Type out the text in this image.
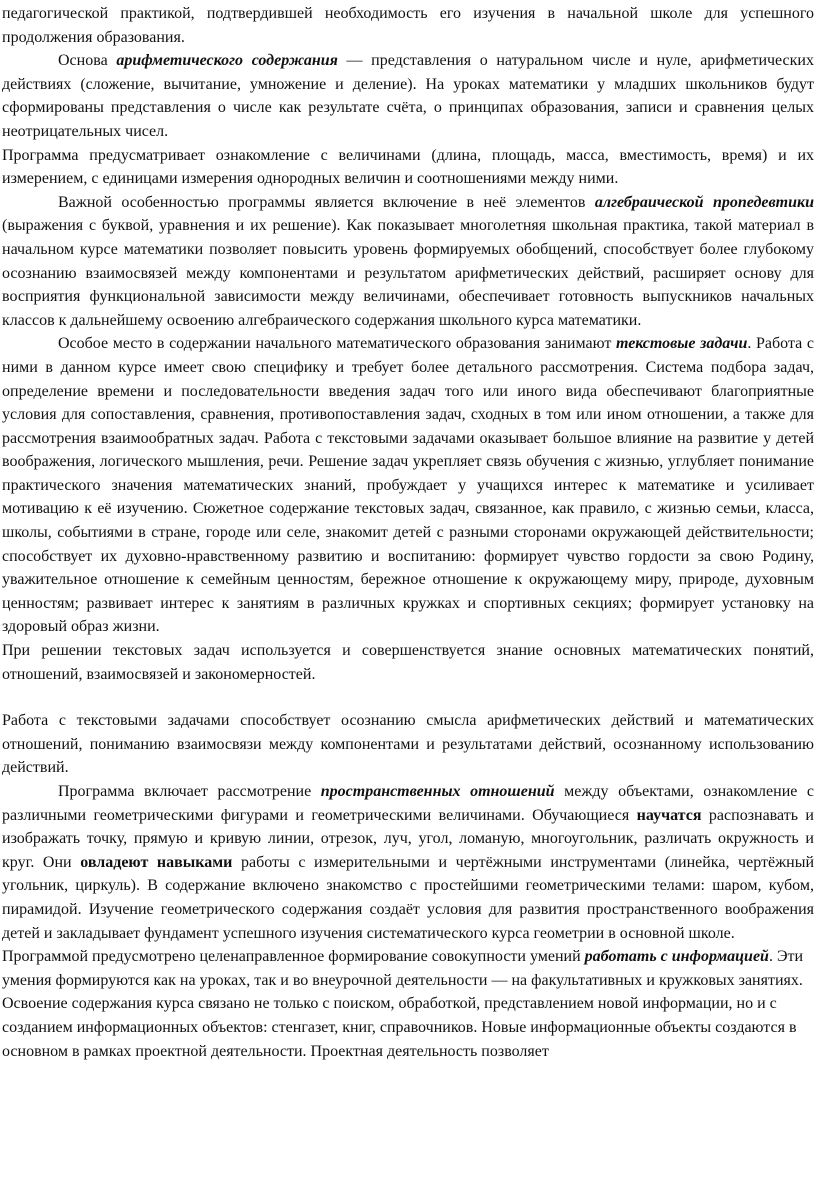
педагогической практикой, подтвердившей необходимость его изучения в начальной школе для успешного продолжения образования.

Основа арифметического содержания — представления о натуральном числе и нуле, арифметических действиях (сложение, вычитание, умножение и деление). На уроках математики у младших школьников будут сформированы представления о числе как результате счёта, о принципах образования, записи и сравнения целых неотрицательных чисел.

Программа предусматривает ознакомление с величинами (длина, площадь, масса, вместимость, время) и их измерением, с единицами измерения однородных величин и соотношениями между ними.

Важной особенностью программы является включение в неё элементов алгебраической пропедевтики (выражения с буквой, уравнения и их решение). Как показывает многолетняя школьная практика, такой материал в начальном курсе математики позволяет повысить уровень формируемых обобщений, способствует более глубокому осознанию взаимосвязей между компонентами и результатом арифметических действий, расширяет основу для восприятия функциональной зависимости между величинами, обеспечивает готовность выпускников начальных классов к дальнейшему освоению алгебраического содержания школьного курса математики.

Особое место в содержании начального математического образования занимают текстовые задачи. Работа с ними в данном курсе имеет свою специфику и требует более детального рассмотрения. Система подбора задач, определение времени и последовательности введения задач того или иного вида обеспечивают благоприятные условия для сопоставления, сравнения, противопоставления задач, сходных в том или ином отношении, а также для рассмотрения взаимообратных задач. Работа с текстовыми задачами оказывает большое влияние на развитие у детей воображения, логического мышления, речи. Решение задач укрепляет связь обучения с жизнью, углубляет понимание практического значения математических знаний, пробуждает у учащихся интерес к математике и усиливает мотивацию к её изучению. Сюжетное содержание текстовых задач, связанное, как правило, с жизнью семьи, класса, школы, событиями в стране, городе или селе, знакомит детей с разными сторонами окружающей действительности; способствует их духовно-нравственному развитию и воспитанию: формирует чувство гордости за свою Родину, уважительное отношение к семейным ценностям, бережное отношение к окружающему миру, природе, духовным ценностям; развивает интерес к занятиям в различных кружках и спортивных секциях; формирует установку на здоровый образ жизни.

При решении текстовых задач используется и совершенствуется знание основных математических понятий, отношений, взаимосвязей и закономерностей.

Работа с текстовыми задачами способствует осознанию смысла арифметических действий и математических отношений, пониманию взаимосвязи между компонентами и результатами действий, осознанному использованию действий.

Программа включает рассмотрение пространственных отношений между объектами, ознакомление с различными геометрическими фигурами и геометрическими величинами. Обучающиеся научатся распознавать и изображать точку, прямую и кривую линии, отрезок, луч, угол, ломаную, многоугольник, различать окружность и круг. Они овладеют навыками работы с измерительными и чертёжными инструментами (линейка, чертёжный угольник, циркуль). В содержание включено знакомство с простейшими геометрическими телами: шаром, кубом, пирамидой. Изучение геометрического содержания создаёт условия для развития пространственного воображения детей и закладывает фундамент успешного изучения систематического курса геометрии в основной школе.

Программой предусмотрено целенаправленное формирование совокупности умений работать с информацией. Эти умения формируются как на уроках, так и во внеурочной деятельности — на факультативных и кружковых занятиях. Освоение содержания курса связано не только с поиском, обработкой, представлением новой информации, но и с созданием информационных объектов: стенгазет, книг, справочников. Новые информационные объекты создаются в основном в рамках проектной деятельности. Проектная деятельность позволяет
